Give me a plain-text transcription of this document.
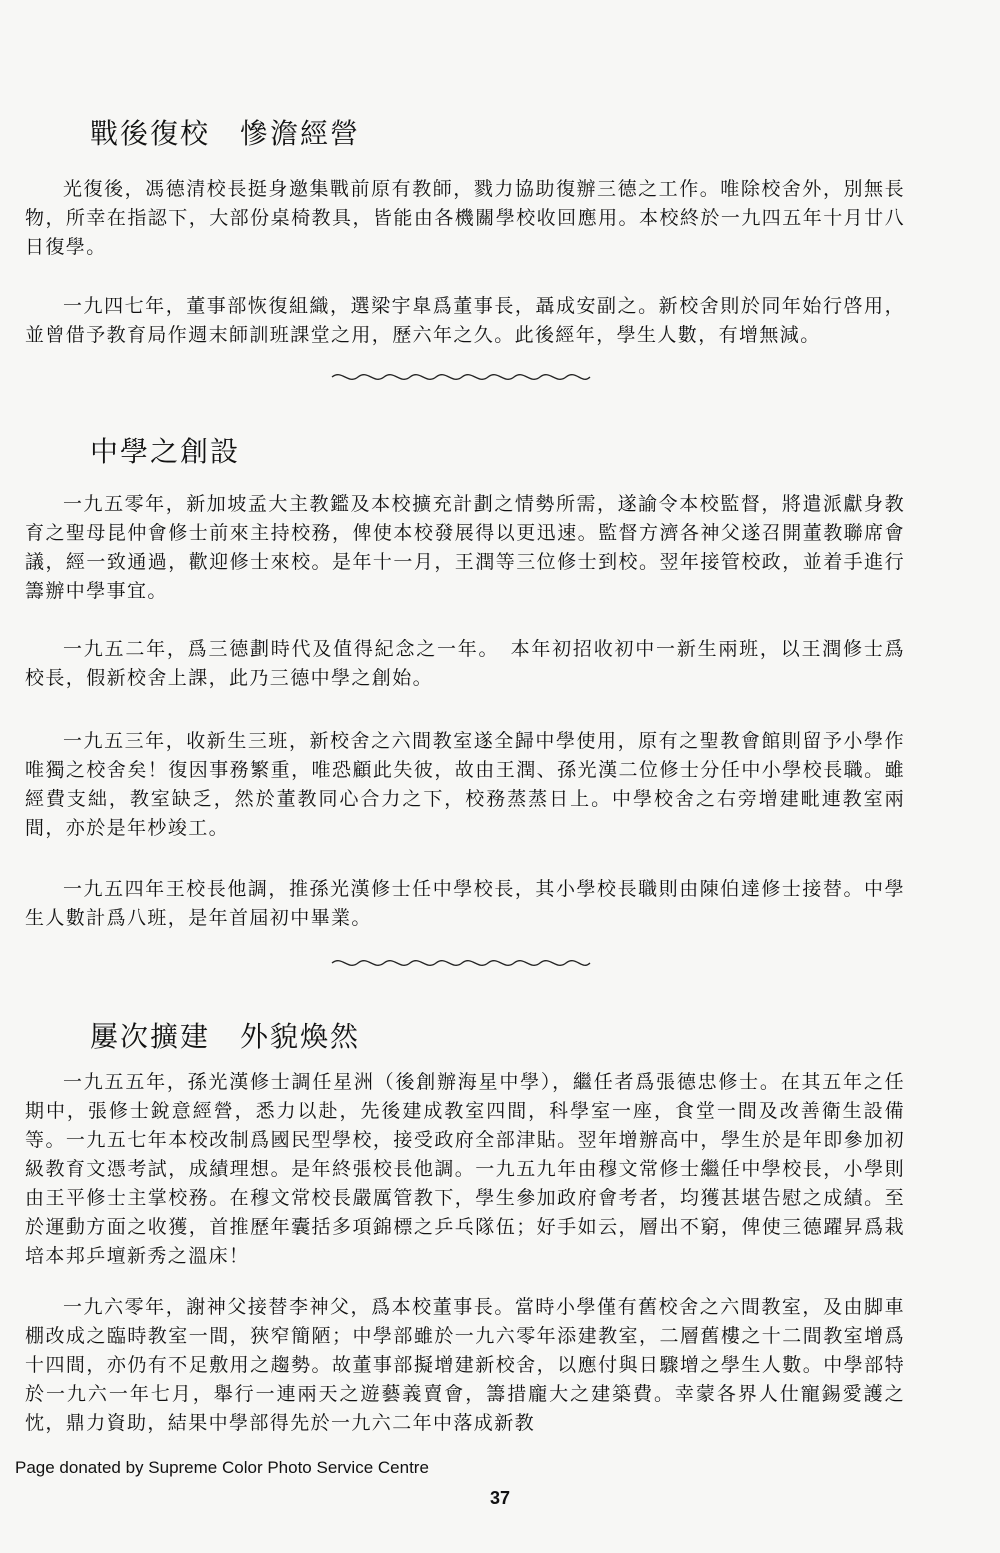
戰後復校　慘澹經營

光復後，馮德清校長挺身邀集戰前原有教師，戮力協助復辦三德之工作。唯除校舍外，別無長物，所幸在指認下，大部份桌椅教具，皆能由各機關學校收回應用。本校終於一九四五年十月廿八日復學。

一九四七年，董事部恢復組織，選梁宇臯爲董事長，聶成安副之。新校舍則於同年始行啓用，並曾借予教育局作週末師訓班課堂之用，歷六年之久。此後經年，學生人數，有增無減。

中學之創設

一九五零年，新加坡孟大主教鑑及本校擴充計劃之情勢所需，遂諭令本校監督，將遣派獻身教育之聖母昆仲會修士前來主持校務，俾使本校發展得以更迅速。監督方濟各神父遂召開董教聯席會議，經一致通過，歡迎修士來校。是年十一月，王潤等三位修士到校。翌年接管校政，並着手進行籌辦中學事宜。

一九五二年，爲三德劃時代及值得紀念之一年。　本年初招收初中一新生兩班，以王潤修士爲校長，假新校舍上課，此乃三德中學之創始。

一九五三年，收新生三班，新校舍之六間教室遂全歸中學使用，原有之聖教會館則留予小學作唯獨之校舍矣！復因事務繁重，唯恐顧此失彼，故由王潤、孫光漢二位修士分任中小學校長職。雖經費支絀，教室缺乏，然於董教同心合力之下，校務蒸蒸日上。中學校舍之右旁增建毗連教室兩間，亦於是年杪竣工。

一九五四年王校長他調，推孫光漢修士任中學校長，其小學校長職則由陳伯達修士接替。中學生人數計爲八班，是年首屆初中畢業。

屢次擴建　外貌煥然

一九五五年，孫光漢修士調任星洲（後創辦海星中學），繼任者爲張德忠修士。在其五年之任期中，張修士銳意經營，悉力以赴，先後建成教室四間，科學室一座，食堂一間及改善衛生設備等。一九五七年本校改制爲國民型學校，接受政府全部津貼。翌年增辦高中，學生於是年即參加初級教育文憑考試，成績理想。是年終張校長他調。一九五九年由穆文常修士繼任中學校長，小學則由王平修士主掌校務。在穆文常校長嚴厲管教下，學生參加政府會考者，均獲甚堪告慰之成績。至於運動方面之收獲，首推歷年囊括多項錦標之乒乓隊伍；好手如云，層出不窮，俾使三德躍昇爲栽培本邦乒壇新秀之溫床！

一九六零年，謝神父接替李神父，爲本校董事長。當時小學僅有舊校舍之六間教室，及由脚車棚改成之臨時教室一間，狹窄簡陋；中學部雖於一九六零年添建教室，二層舊樓之十二間教室增爲十四間，亦仍有不足敷用之趨勢。故董事部擬增建新校舍，以應付與日驟增之學生人數。中學部特於一九六一年七月，舉行一連兩天之遊藝義賣會，籌措龐大之建築費。幸蒙各界人仕寵錫愛護之忱，鼎力資助，結果中學部得先於一九六二年中落成新教

Page donated by Supreme Color Photo Service Centre

37
